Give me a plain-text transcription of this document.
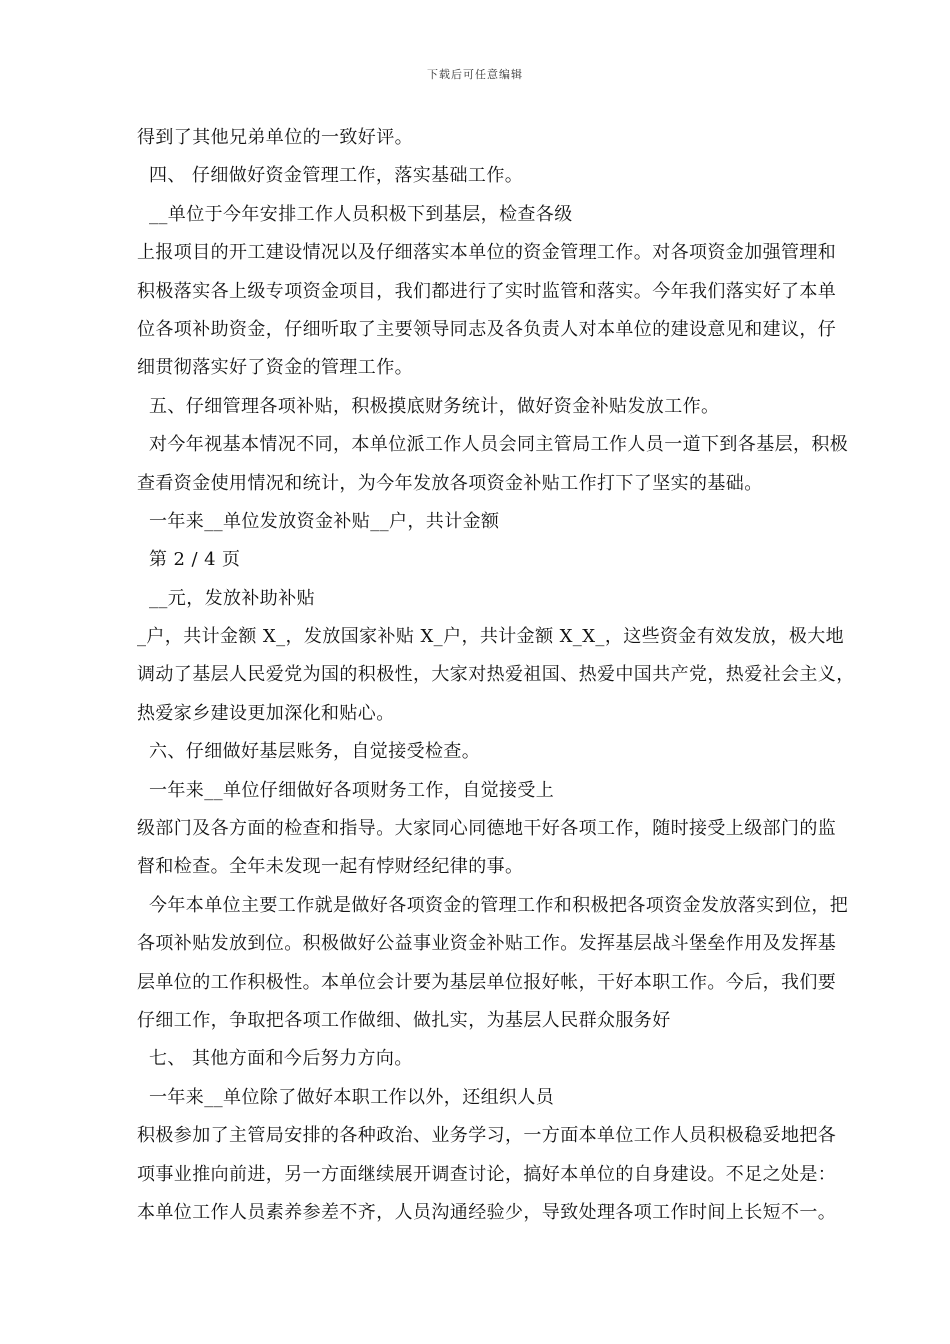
下载后可任意编辑
得到了其他兄弟单位的一致好评。
四、 仔细做好资金管理工作，落实基础工作。
__单位于今年安排工作人员积极下到基层，检查各级
上报项目的开工建设情况以及仔细落实本单位的资金管理工作。对各项资金加强管理和
积极落实各上级专项资金项目，我们都进行了实时监管和落实。今年我们落实好了本单
位各项补助资金，仔细听取了主要领导同志及各负责人对本单位的建设意见和建议，仔
细贯彻落实好了资金的管理工作。
五、仔细管理各项补贴，积极摸底财务统计，做好资金补贴发放工作。
对今年视基本情况不同，本单位派工作人员会同主管局工作人员一道下到各基层，积极
查看资金使用情况和统计，为今年发放各项资金补贴工作打下了坚实的基础。
一年来__单位发放资金补贴__户，共计金额
第 2 / 4 页
__元，发放补助补贴
_户，共计金额 X_，发放国家补贴 X_户，共计金额 X_X_，这些资金有效发放，极大地
调动了基层人民爱党为国的积极性，大家对热爱祖国、热爱中国共产党，热爱社会主义，
热爱家乡建设更加深化和贴心。
六、仔细做好基层账务，自觉接受检查。
一年来__单位仔细做好各项财务工作，自觉接受上
级部门及各方面的检查和指导。大家同心同德地干好各项工作，随时接受上级部门的监
督和检查。全年未发现一起有悖财经纪律的事。
今年本单位主要工作就是做好各项资金的管理工作和积极把各项资金发放落实到位，把
各项补贴发放到位。积极做好公益事业资金补贴工作。发挥基层战斗堡垒作用及发挥基
层单位的工作积极性。本单位会计要为基层单位报好帐，干好本职工作。今后，我们要
仔细工作，争取把各项工作做细、做扎实，为基层人民群众服务好
七、 其他方面和今后努力方向。
一年来__单位除了做好本职工作以外，还组织人员
积极参加了主管局安排的各种政治、业务学习，一方面本单位工作人员积极稳妥地把各
项事业推向前进，另一方面继续展开调查讨论，搞好本单位的自身建设。不足之处是：
本单位工作人员素养参差不齐，人员沟通经验少，导致处理各项工作时间上长短不一。
